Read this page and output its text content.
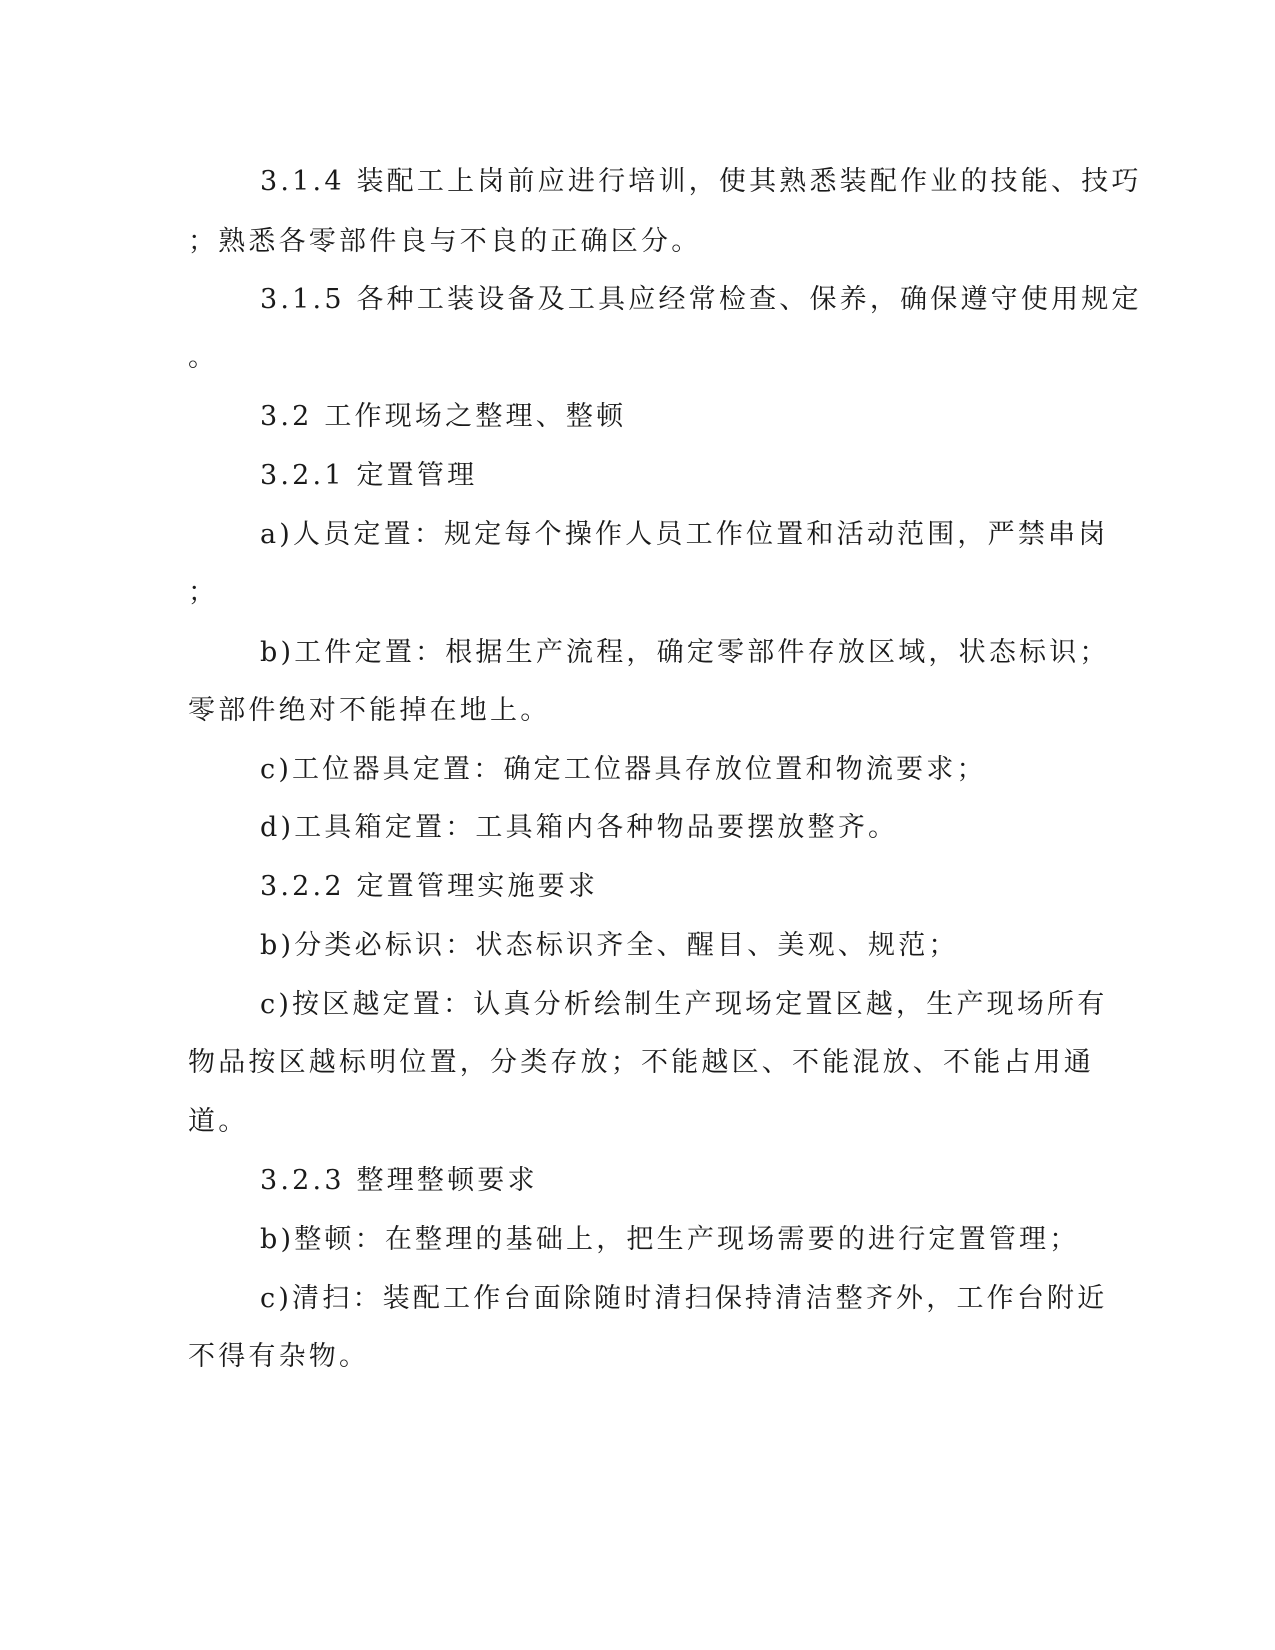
3.1.4 装配工上岗前应进行培训，使其熟悉装配作业的技能、技巧
；熟悉各零部件良与不良的正确区分。
3.1.5 各种工装设备及工具应经常检查、保养，确保遵守使用规定
。
3.2 工作现场之整理、整顿
3.2.1 定置管理
a)人员定置：规定每个操作人员工作位置和活动范围，严禁串岗
；
b)工件定置：根据生产流程，确定零部件存放区域，状态标识；
零部件绝对不能掉在地上。
c)工位器具定置：确定工位器具存放位置和物流要求；
d)工具箱定置：工具箱内各种物品要摆放整齐。
3.2.2 定置管理实施要求
b)分类必标识：状态标识齐全、醒目、美观、规范；
c)按区越定置：认真分析绘制生产现场定置区越，生产现场所有
物品按区越标明位置，分类存放；不能越区、不能混放、不能占用通
道。
3.2.3 整理整顿要求
b)整顿：在整理的基础上，把生产现场需要的进行定置管理；
c)清扫：装配工作台面除随时清扫保持清洁整齐外，工作台附近
不得有杂物。
